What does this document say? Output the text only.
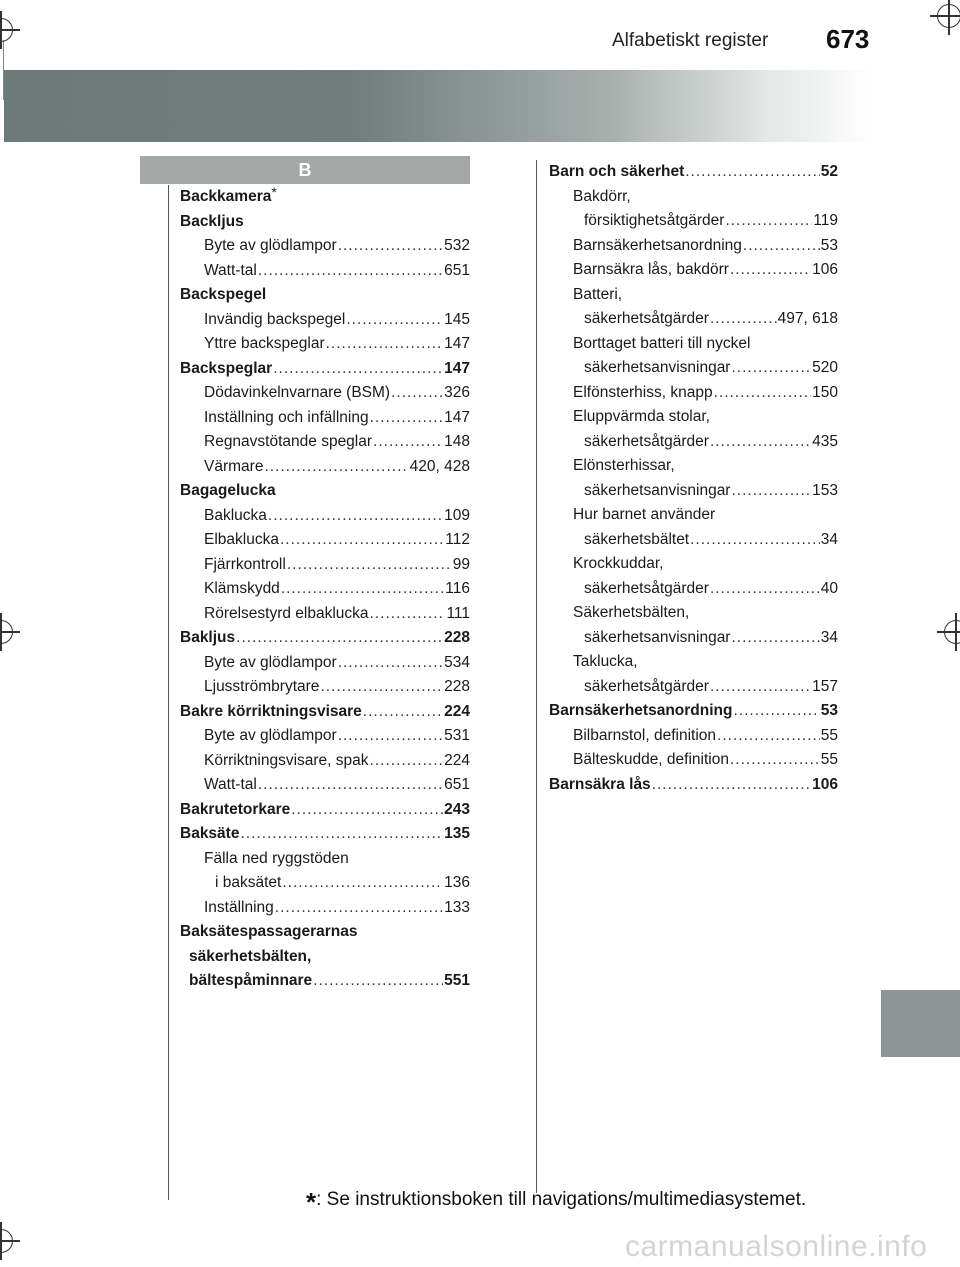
Alfabetiskt register 673
B
Backkamera*
Backljus
Byte av glödlampor .....	532
Watt-tal .....	651
Backspegel
Invändig backspegel .....	145
Yttre backspeglar .....	147
Backspeglar .....	147
Dödavinkelnvarnare (BSM) .....	326
Inställning och infällning .....	147
Regnavstötande speglar .....	148
Värmare .....	420, 428
Bagagelucka
Baklucka .....	109
Elbaklucka .....	112
Fjärrkontroll .....	99
Klämskydd .....	116
Rörelsestyrd elbaklucka .....	111
Bakljus .....	228
Byte av glödlampor .....	534
Ljusströmbrytare .....	228
Bakre körriktningsvisare .....	224
Byte av glödlampor .....	531
Körriktningsvisare, spak .....	224
Watt-tal .....	651
Bakrutetorkare .....	243
Baksäte .....	135
Fälla ned ryggstöden
i baksätet .....	136
Inställning .....	133
Baksätespassagerarnas
säkerhetsbälten,
bältespåminnare .....	551
Barn och säkerhet .....	52
Bakdörr,
försiktighetsåtgärder .....	119
Barnsäkerhetsanordning .....	53
Barnsäkra lås, bakdörr .....	106
Batteri,
säkerhetsåtgärder .....	497, 618
Borttaget batteri till nyckel
säkerhetsanvisningar .....	520
Elfönsterhiss, knapp .....	150
Eluppvärmda stolar,
säkerhetsåtgärder .....	435
Elönsterhissar,
säkerhetsanvisningar .....	153
Hur barnet använder
säkerhetsbältet .....	34
Krockkuddar,
säkerhetsåtgärder .....	40
Säkerhetsbälten,
säkerhetsanvisningar .....	34
Taklucka,
säkerhetsåtgärder .....	157
Barnsäkerhetsanordning .....	53
Bilbarnstol, definition .....	55
Bälteskudde, definition .....	55
Barnsäkra lås .....	106
*: Se instruktionsboken till navigations/multimediasystemet.
carmanualsonline.info
